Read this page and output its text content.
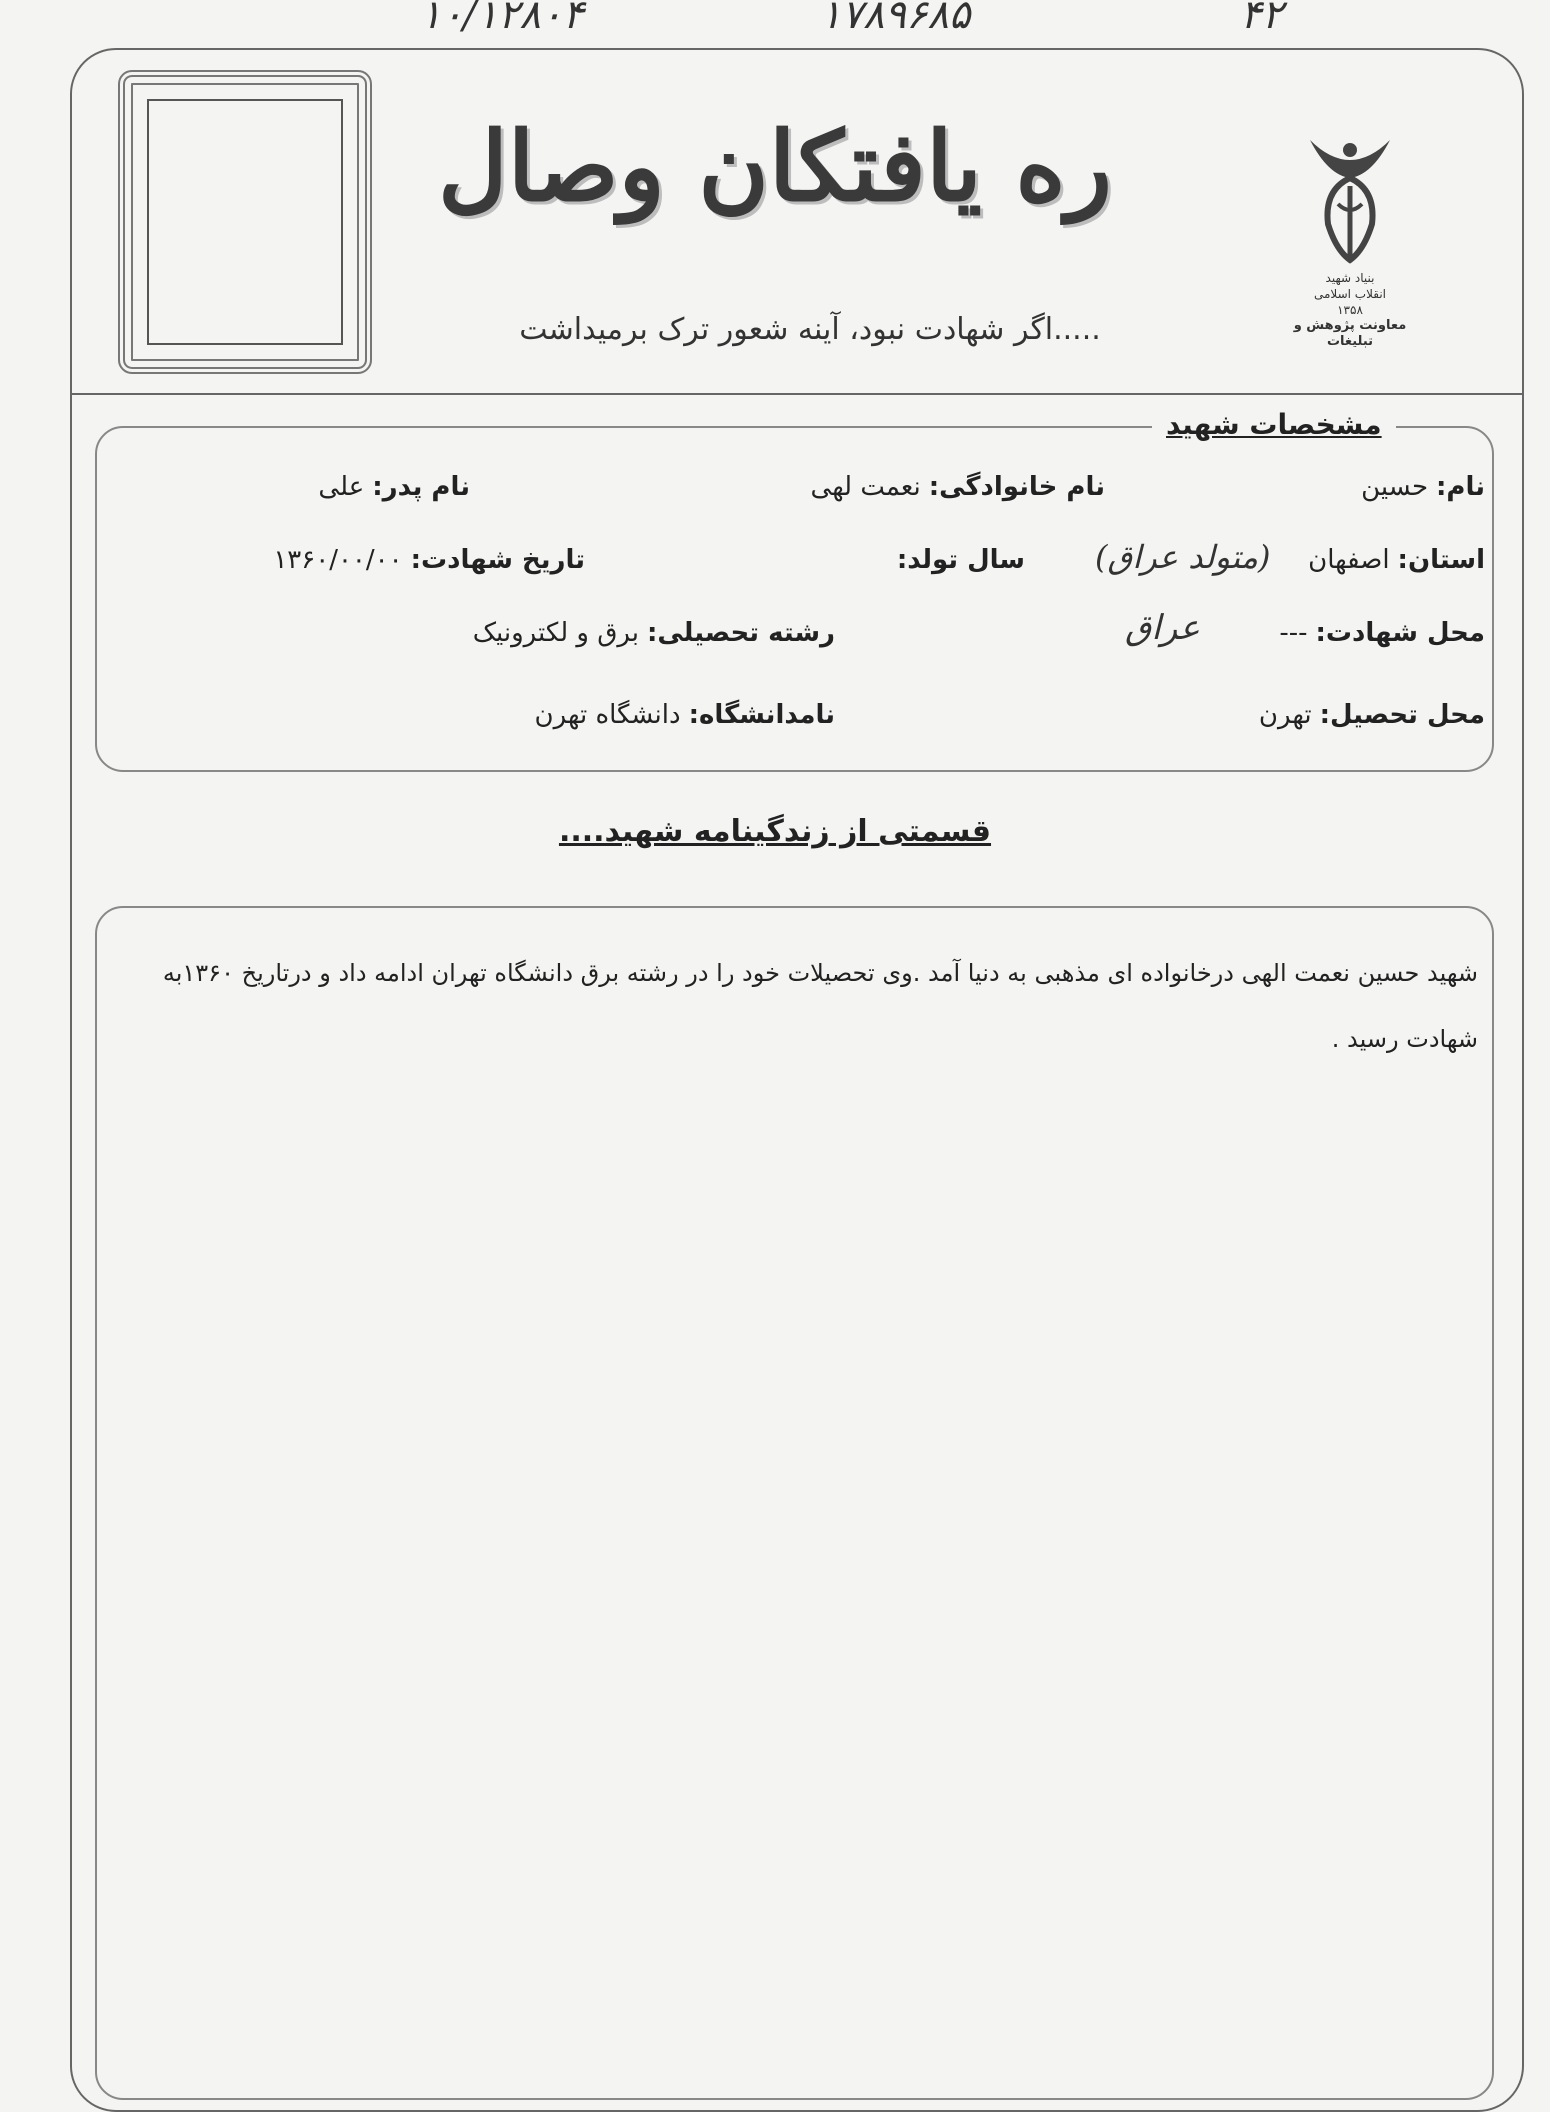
۱۰/۱۲۸۰۴	۱۷۸۹۶۸۵	۴۲
ره یافتکان وصال
اگر شهادت نبود، آینه شعور ترک برمیداشت.....
بنیاد شهید
انقلاب اسلامی
۱۳۵۸
معاونت پژوهش و تبلیغات
مشخصات شهید
نام:حسین
نام خانوادگی:نعمت لهی
نام پدر:علی
استان:اصفهان
(متولد عراق)
سال تولد:
تاریخ شهادت:۱۳۶۰/۰۰/۰۰
محل شهادت:---
عراق
رشته تحصیلی:برق و لکترونیک
محل تحصیل:تهرن
نامدانشگاه:دانشگاه تهرن
قسمتی از زندگینامه شهید....
شهید حسین نعمت الهی درخانواده ای مذهبی به دنیا آمد .وی تحصیلات خود را در رشته برق دانشگاه تهران ادامه داد و درتاریخ ۱۳۶۰به شهادت رسید .
